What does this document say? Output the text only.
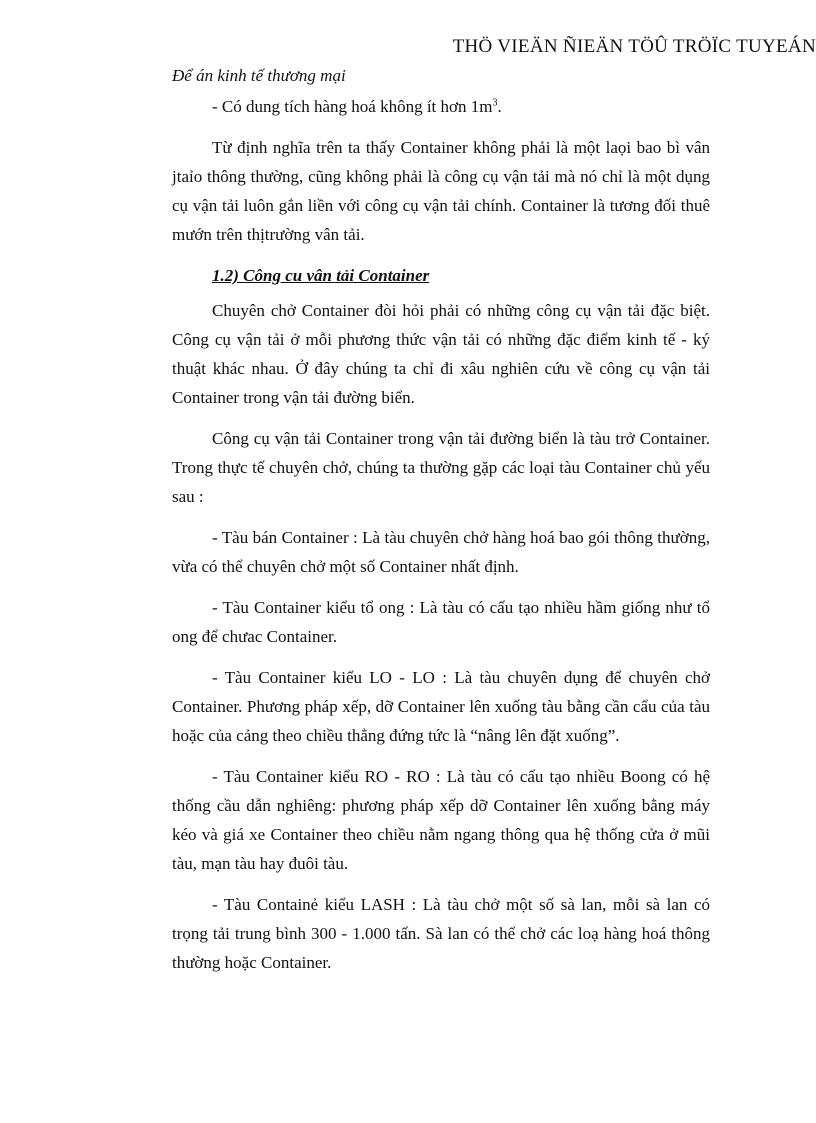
THÖ VIEÄN ÑIEÄN TÖÛ TRÖÏC TUYEÁN
Để án kinh tế thương mại

- Có dung tích hàng hoá không ít hơn $1m^3$.

Từ định nghĩa trên ta thấy Container không phải là một laọi bao bì vân jtaỉo thông thường, cũng không phải là công cụ vận tải mà nó chỉ là một dụng cụ vận tải luôn gắn liền với công cụ vận tải chính. Container là tương đối thuê mướn trên thịtrường vân tải.

1.2) Công cu vân tải Container

Chuyên chở Container đòi hỏi phải có những công cụ vận tải đặc biệt. Công cụ vận tải ở mỗi phương thức vận tải có những đặc điểm kinh tế - ký thuật khác nhau. Ở đây chúng ta chỉ đi xâu nghiên cứu về công cụ vận tải Container trong vận tải đường biển.

Công cụ vận tải Container trong vận tải đường biển là tàu trở Container. Trong thực tế chuyên chở, chúng ta thường gặp các loại tàu Container chủ yếu sau :

- Tàu bán Container : Là tàu chuyên chở hàng hoá bao gói thông thường, vừa có thể chuyên chở một số Container nhất định.

- Tàu Container kiểu tổ ong : Là tàu có cấu tạo nhiều hầm giống như tổ ong để chưac Container.

- Tàu Container kiểu LO - LO : Là tàu chuyên dụng để chuyên chở Container. Phương pháp xếp, dỡ Container lên xuống tàu bằng cần cẩu của tàu hoặc của cảng theo chiều thẳng đứng tức là “nâng lên đặt xuống”.

- Tàu Container kiểu RO - RO : Là tàu có cấu tạo nhiều Boong có hệ thống cầu dẫn nghiêng: phương pháp xếp dỡ Container lên xuống bằng máy kéo và giá xe Container theo chiều nằm ngang thông qua hệ thống cửa ở mũi tàu, mạn tàu hay đuôi tàu.

- Tàu Containẻ kiểu LASH : Là tàu chở một số sà lan, mỗi sà lan có trọng tải trung bình 300 - 1.000 tấn. Sà lan có thể chở các loạ hàng hoá thông thường hoặc Container.
